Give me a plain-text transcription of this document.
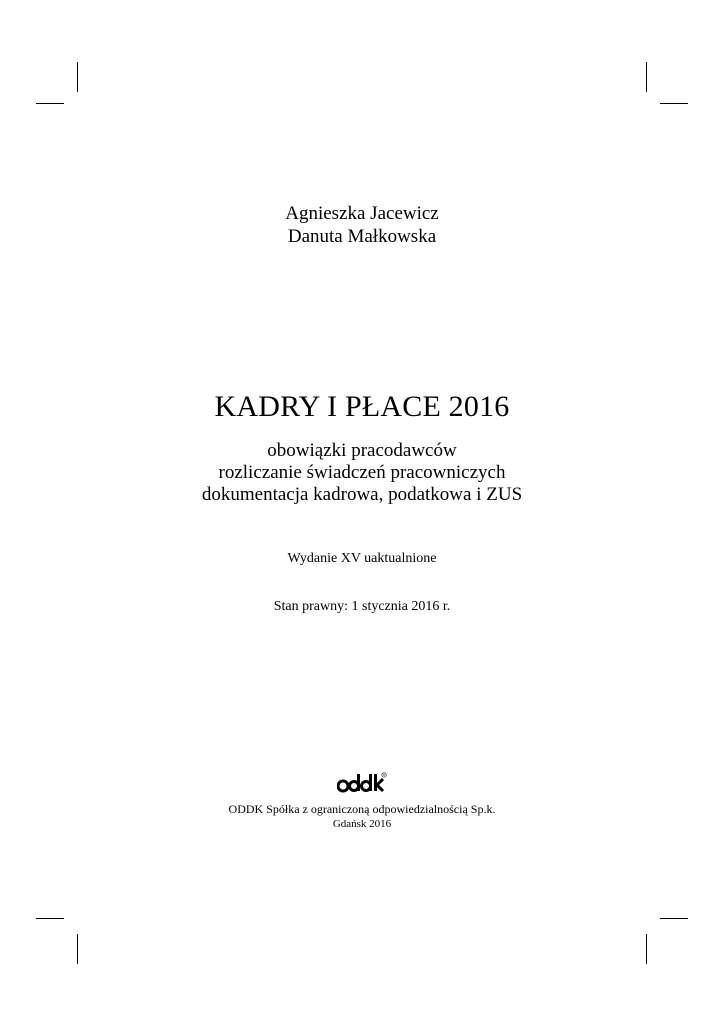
Agnieszka Jacewicz
Danuta Małkowska
KADRY I PŁACE 2016
obowiązki pracodawców
rozliczanie świadczeń pracowniczych
dokumentacja kadrowa, podatkowa i ZUS
Wydanie XV uaktualnione
Stan prawny: 1 stycznia 2016 r.
R
ODDK Spółka z ograniczoną odpowiedzialnością Sp.k.
Gdańsk 2016
